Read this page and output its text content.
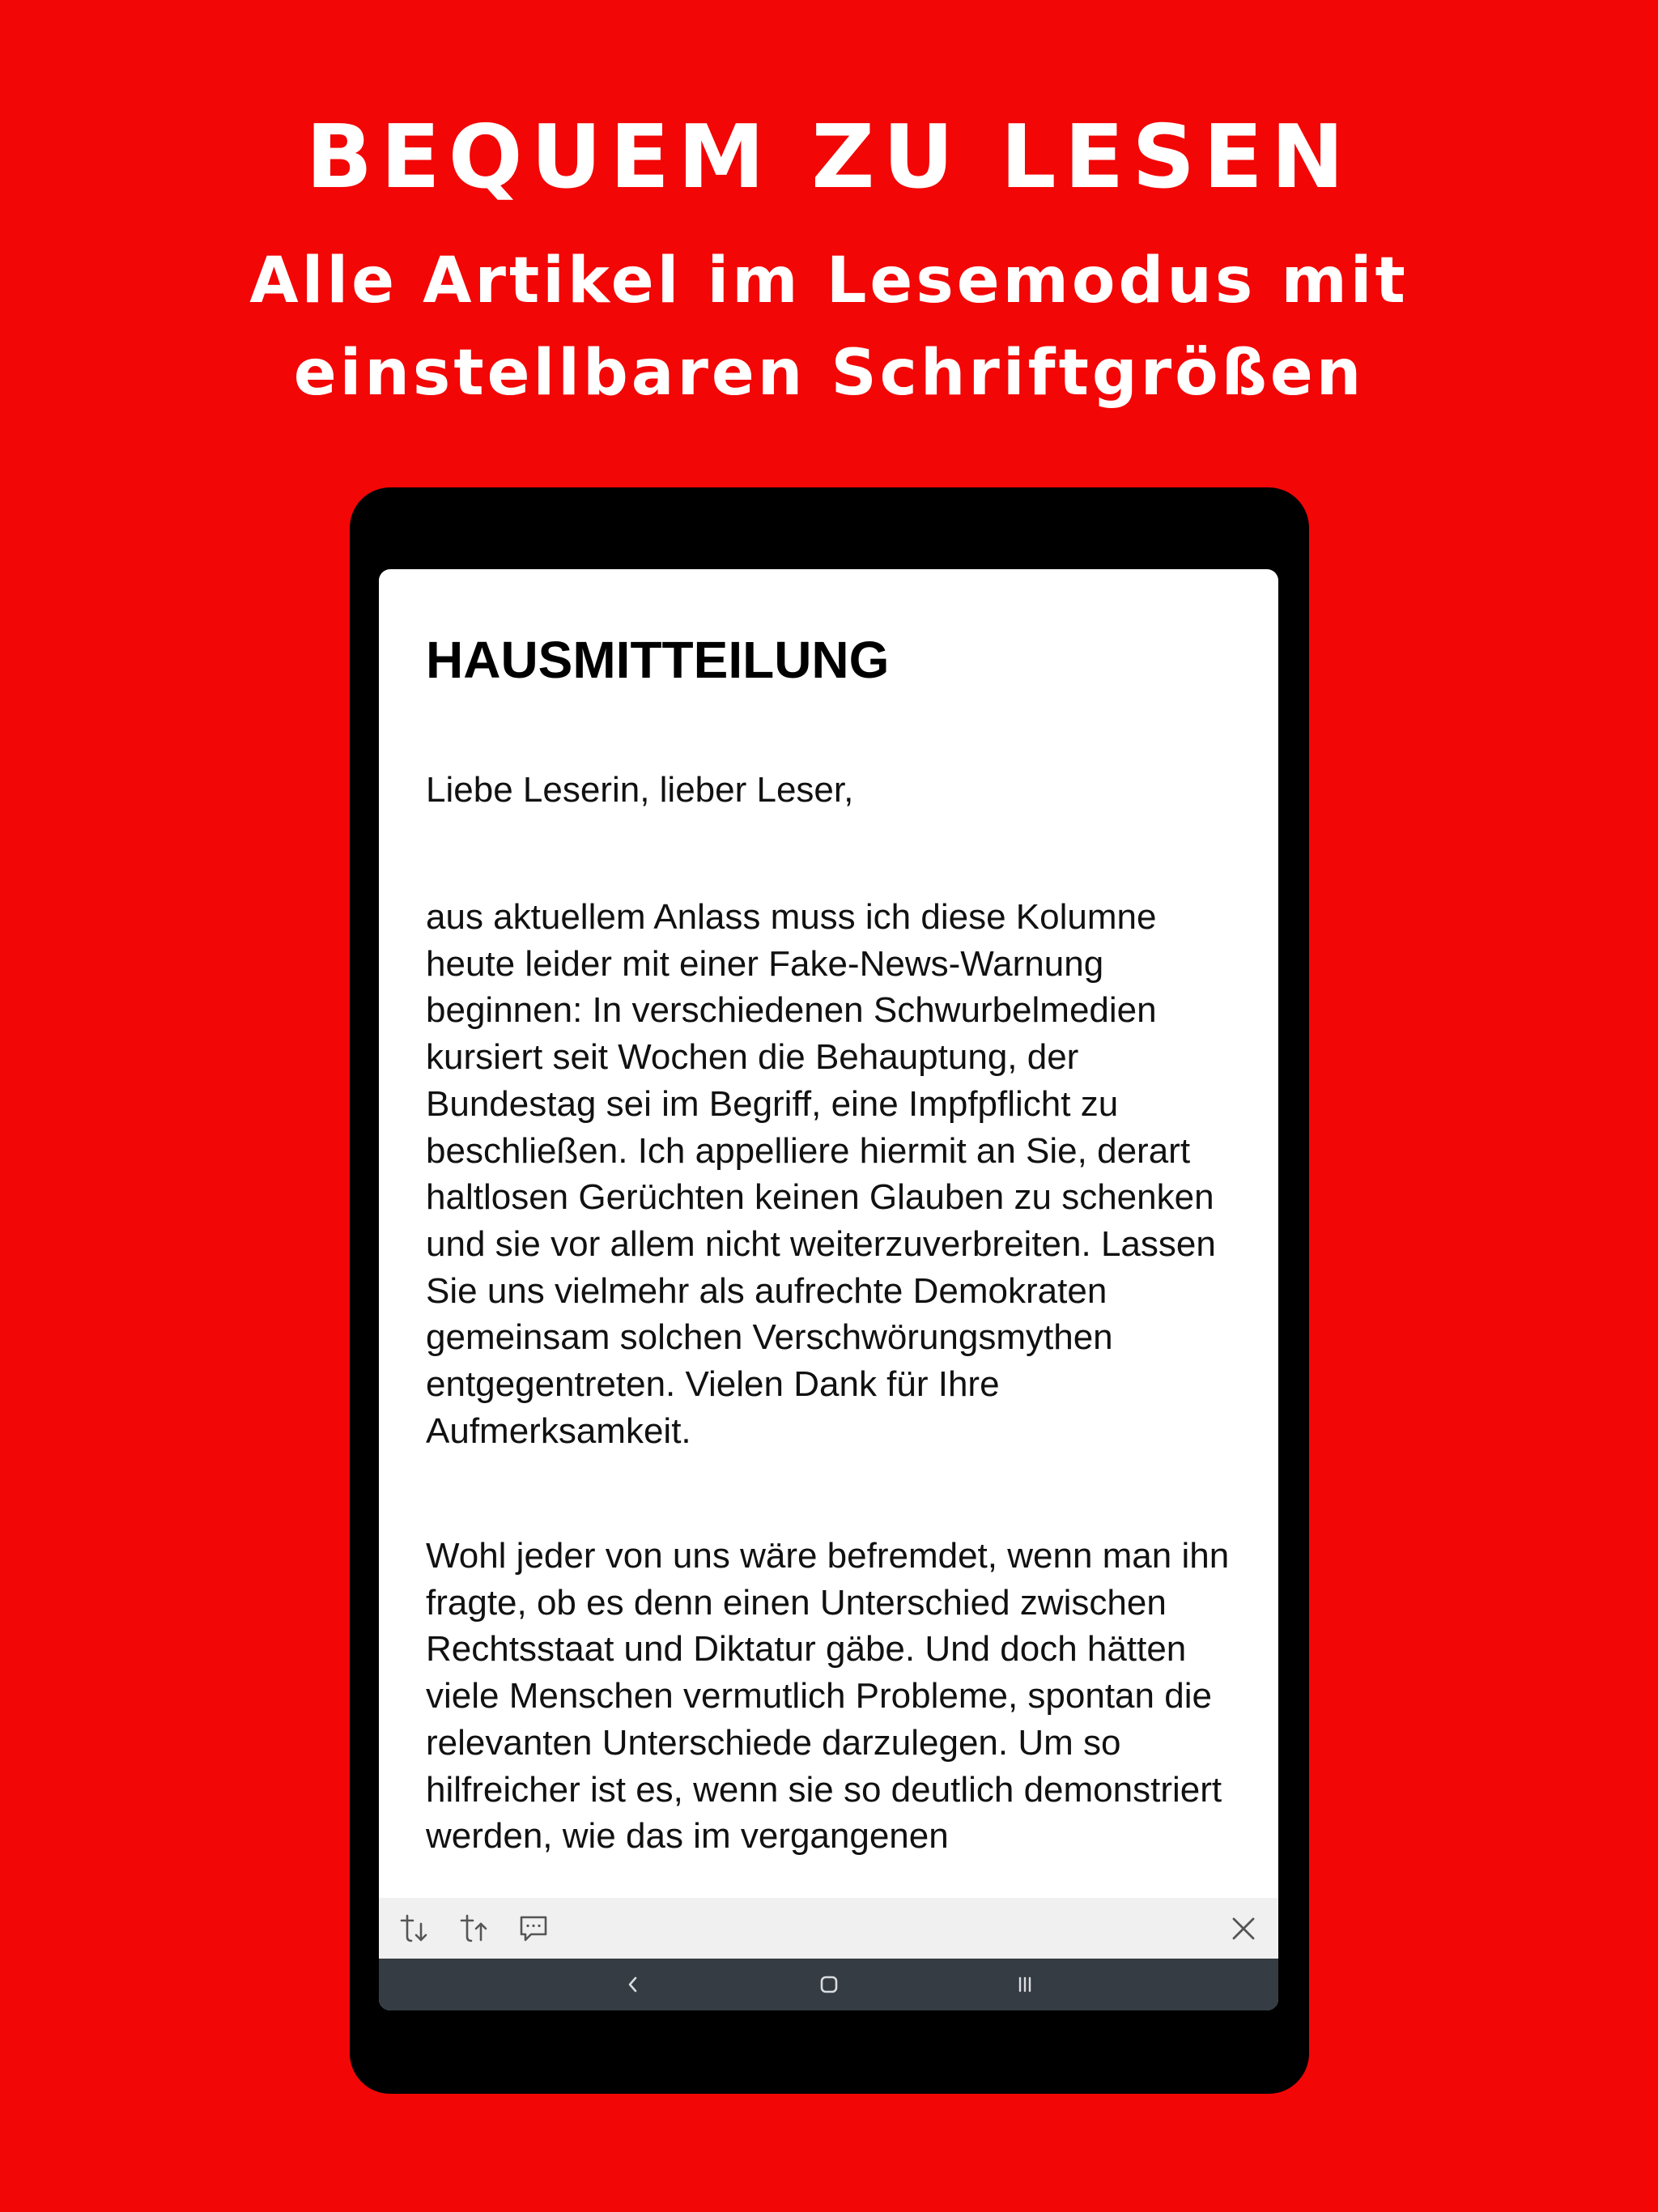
BEQUEM ZU LESEN
Alle Artikel im Lesemodus mit
einstellbaren Schriftgrößen
HAUSMITTEILUNG

Liebe Leserin, lieber Leser,

aus aktuellem Anlass muss ich diese Kolumne heute leider mit einer Fake-News-Warnung beginnen: In verschiedenen Schwurbelmedien kursiert seit Wochen die Behauptung, der Bundestag sei im Begriff, eine Impfpflicht zu beschließen. Ich appelliere hiermit an Sie, derart haltlosen Gerüchten keinen Glauben zu schenken und sie vor allem nicht weiterzuverbreiten. Lassen Sie uns vielmehr als aufrechte Demokraten gemeinsam solchen Verschwörungsmythen entgegentreten. Vielen Dank für Ihre Aufmerksamkeit.

Wohl jeder von uns wäre befremdet, wenn man ihn fragte, ob es denn einen Unterschied zwischen Rechtsstaat und Diktatur gäbe. Und doch hätten viele Menschen vermutlich Probleme, spontan die relevanten Unterschiede darzulegen. Um so hilfreicher ist es, wenn sie so deutlich demonstriert werden, wie das im vergangenen
